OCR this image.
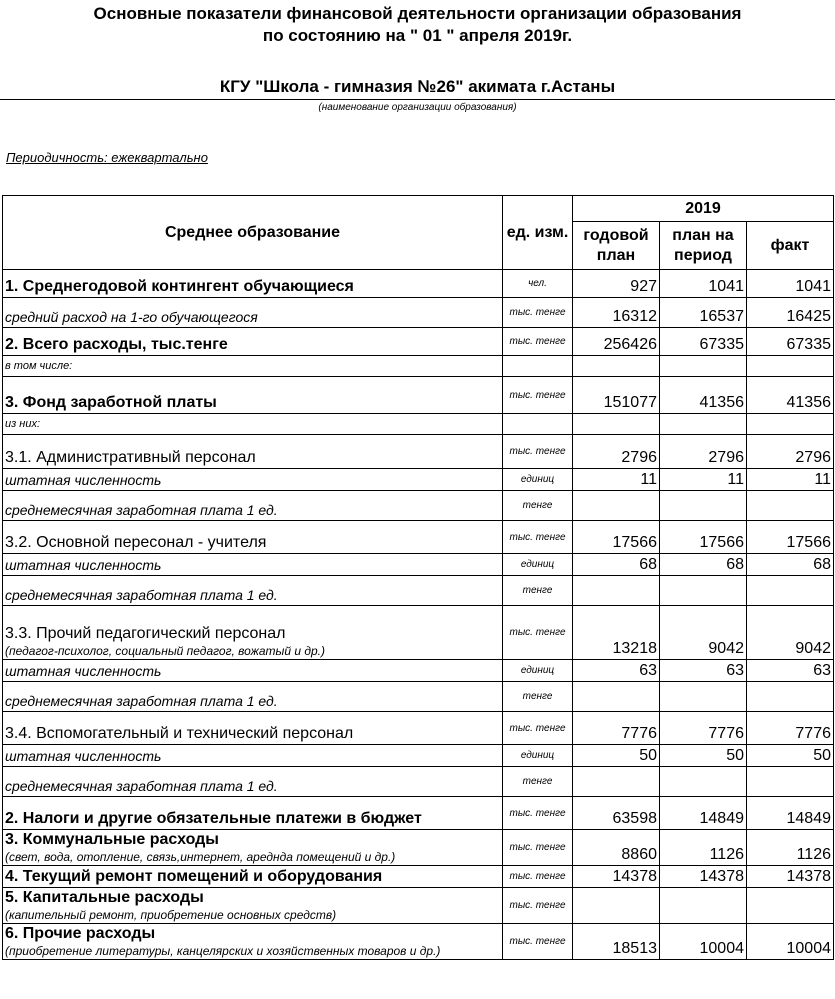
Основные показатели финансовой деятельности организации образования
по состоянию на " 01 " апреля 2019г.
КГУ "Школа - гимназия №26" акимата г.Астаны
(наименование организации образования)
Периодичность: ежеквартально
Среднее образование	ед. изм.	2019		
		годовой план	план на период	факт

1. Среднегодовой контингент обучающиеся	чел.	927	1041	1041

средний расход на 1-го обучающегося	тыс. тенге	16312	16537	16425

2. Всего расходы, тыс.тенге	тыс. тенге	256426	67335	67335

в том числе:				

3. Фонд заработной платы	тыс. тенге	151077	41356	41356

из них:				

3.1. Административный персонал	тыс. тенге	2796	2796	2796

штатная численность	единиц	11	11	11

среднемесячная заработная плата 1 ед.	тенге			

3.2. Основной пересонал - учителя	тыс. тенге	17566	17566	17566

штатная численность	единиц	68	68	68

среднемесячная заработная плата 1 ед.	тенге			

3.3. Прочий педагогический персонал
(педагог-психолог, социальный педагог, вожатый и др.)	тыс. тенге	13218	9042	9042

штатная численность	единиц	63	63	63

среднемесячная заработная плата 1 ед.	тенге			

3.4. Вспомогательный и технический персонал	тыс. тенге	7776	7776	7776

штатная численность	единиц	50	50	50

среднемесячная заработная плата 1 ед.	тенге			

2. Налоги и другие обязательные платежи в бюджет	тыс. тенге	63598	14849	14849

3. Коммунальные расходы
(свет, вода, отопление, связь,интернет, аредндa помещений и др.)	тыс. тенге	8860	1126	1126

4. Текущий ремонт помещений и оборудования	тыс. тенге	14378	14378	14378

5. Капитальные расходы
(капительный ремонт, приобретение основных средств)	тыс. тенге			

6. Прочие расходы
(приобретение литературы, канцелярских и хозяйственных товаров и др.)	тыс. тенге	18513	10004	10004
